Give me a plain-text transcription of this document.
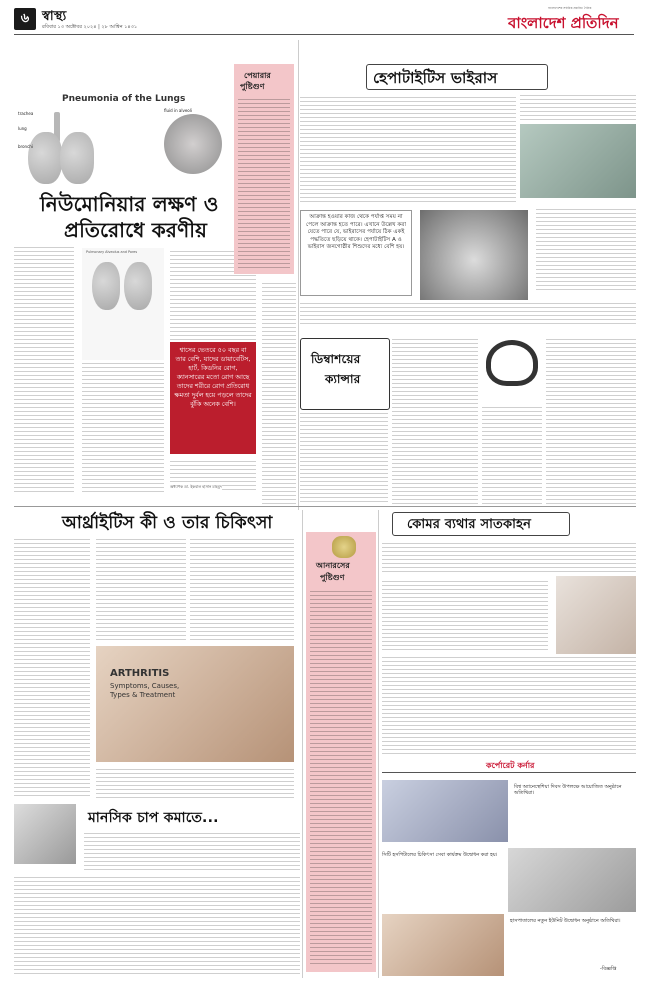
৬ স্বাস্থ্য
রবিবার ১৩ অক্টোবর ২০২৪ | ২৮ আশ্বিন ১৪৩১	বাংলাদেশ প্রতিদিন
বাংলাদেশের সর্বাধিক প্রচারিত দৈনিক
Pneumonia of the Lungs
trachea
lung
bronchi
fluid in alveoli
নিউমোনিয়ার লক্ষণ ও
প্রতিরোধে করণীয়
Pulmonary Alveolus and Pores
শ্বাসের ভেতরে ৫০ বছর বা তার বেশি, যাদের ডায়াবেটিস, হার্ট, কিডনির রোগ, ক্যানসারের মতো রোগ আছে তাদের শরীরে রোগ প্রতিরোধ ক্ষমতা দুর্বল হয়ে পড়লে তাদের ঝুঁকি অনেক বেশি।
অধ্যাপক ডা. ইকবাল হাসান মাহমুদ
পেয়ারার
পুষ্টিগুণ	হেপাটাইটিস ভাইরাস
আক্রান্ত হওয়ার কাজ থেকে পর্যাপ্ত সময় না পেলে আক্রান্ত হতে পারে। এখানে উল্লেখ করা যেতে পারে যে, ভাইরাসের পর্যায়ে ঠিক একই পদ্ধতিতে ছড়িয়ে থাকে। হেপাটাইটিস A ও ভাইরাস জনগোষ্ঠীর শিশুদের মধ্যে বেশি হয়।
ডিম্বাশয়ের
ক্যান্সার
আর্থ্রাইটিস কী ও তার চিকিৎসা
ARTHRITIS
Symptoms, Causes, Types & Treatment
আনারসের
পুষ্টিগুণ
কোমর ব্যথার সাতকাহন
কর্পোরেট কর্নার
বিশ্ব অ্যানেস্থেশিয়া দিবস উপলক্ষে আয়োজিত অনুষ্ঠানে অতিথিরা।
সিটি হসপিটালের চিকিৎসা সেবা কার্যক্রম উদ্বোধন করা হয়।
হাসপাতালের নতুন ইউনিট উদ্বোধন অনুষ্ঠানে অতিথিরা।
-বিজ্ঞপ্তি
মানসিক চাপ কমাতে...
